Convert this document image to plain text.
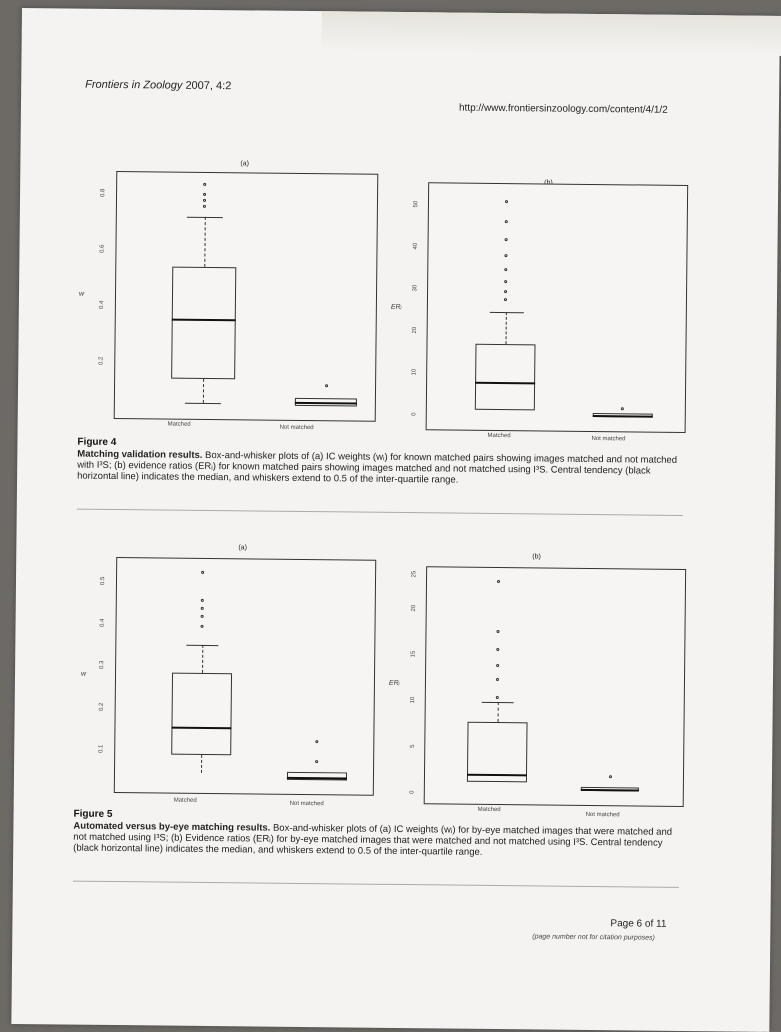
Frontiers in Zoology 2007, 4:2
http://www.frontiersinzoology.com/content/4/1/2
(a)
w
0.2
0.4
0.6
0.8
Matched
Not matched
ERᵢ
0
10
20
30
40
50
Matched	Not matched
Figure 4
Matching validation results. Box-and-whisker plots of (a) IC weights (wᵢ) for known matched pairs showing images matched and not matched with I³S; (b) evidence ratios (ERᵢ) for known matched pairs showing images matched and not matched using I³S. Central tendency (black horizontal line) indicates the median, and whiskers extend to 0.5 of the inter-quartile range.
(a)
(b)
w
0.1
0.2
0.3
0.4
0.5
Matched
Not matched
ERᵢ
0
5
10
15
20
25
Matched
Not matched
Figure 5
Automated versus by-eye matching results. Box-and-whisker plots of (a) IC weights (wᵢ) for by-eye matched images that were matched and not matched using I³S; (b) Evidence ratios (ERᵢ) for by-eye matched images that were matched and not matched using I³S. Central tendency (black horizontal line) indicates the median, and whiskers extend to 0.5 of the inter-quartile range.
Page 6 of 11
(page number not for citation purposes)
